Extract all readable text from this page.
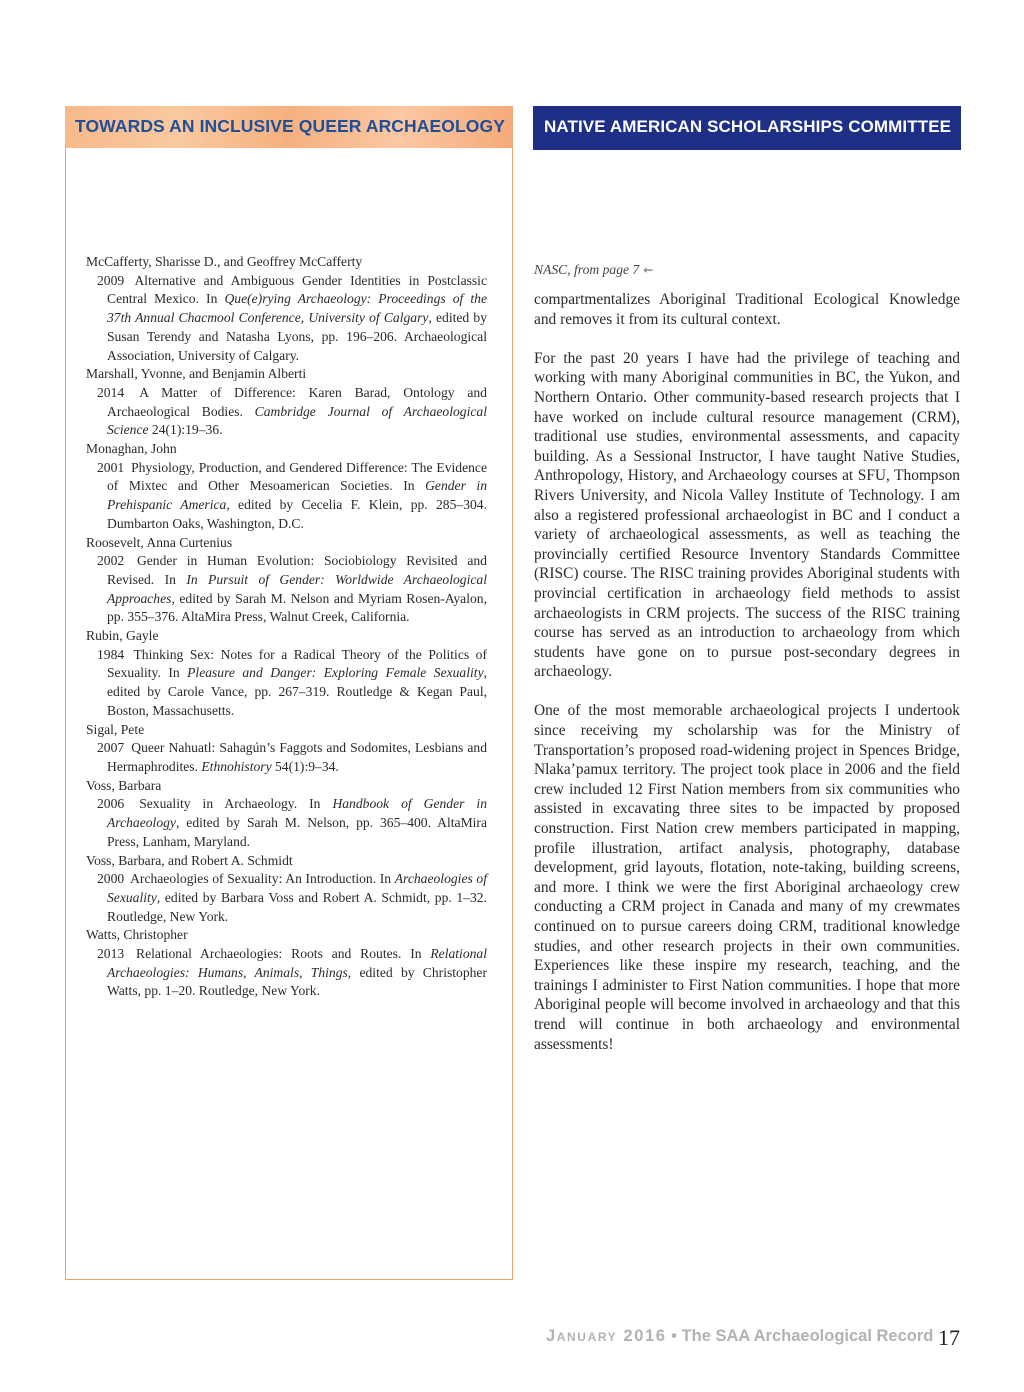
TOWARDS AN INCLUSIVE QUEER ARCHAEOLOGY NATIVE AMERICAN SCHOLARSHIPS COMMITTEE
McCafferty, Sharisse D., and Geoffrey McCafferty
2009 Alternative and Ambiguous Gender Identities in Postclassic Central Mexico. In Que(e)rying Archaeology: Proceedings of the 37th Annual Chacmool Conference, University of Calgary, edited by Susan Terendy and Natasha Lyons, pp. 196–206. Archaeological Association, University of Calgary.
Marshall, Yvonne, and Benjamin Alberti
2014 A Matter of Difference: Karen Barad, Ontology and Archaeological Bodies. Cambridge Journal of Archaeological Science 24(1):19–36.
Monaghan, John
2001 Physiology, Production, and Gendered Difference: The Evidence of Mixtec and Other Mesoamerican Societies. In Gender in Prehispanic America, edited by Cecelia F. Klein, pp. 285–304. Dumbarton Oaks, Washington, D.C.
Roosevelt, Anna Curtenius
2002 Gender in Human Evolution: Sociobiology Revisited and Revised. In In Pursuit of Gender: Worldwide Archaeological Approaches, edited by Sarah M. Nelson and Myriam Rosen-Ayalon, pp. 355–376. AltaMira Press, Walnut Creek, California.
Rubin, Gayle
1984 Thinking Sex: Notes for a Radical Theory of the Politics of Sexuality. In Pleasure and Danger: Exploring Female Sexuality, edited by Carole Vance, pp. 267–319. Routledge & Kegan Paul, Boston, Massachusetts.
Sigal, Pete
2007 Queer Nahuatl: Sahagún’s Faggots and Sodomites, Lesbians and Hermaphrodites. Ethnohistory 54(1):9–34.
Voss, Barbara
2006 Sexuality in Archaeology. In Handbook of Gender in Archaeology, edited by Sarah M. Nelson, pp. 365–400. AltaMira Press, Lanham, Maryland.
Voss, Barbara, and Robert A. Schmidt
2000 Archaeologies of Sexuality: An Introduction. In Archaeologies of Sexuality, edited by Barbara Voss and Robert A. Schmidt, pp. 1–32. Routledge, New York.
Watts, Christopher
2013 Relational Archaeologies: Roots and Routes. In Relational Archaeologies: Humans, Animals, Things, edited by Christopher Watts, pp. 1–20. Routledge, New York.
NASC, from page 7 ⇜

compartmentalizes Aboriginal Traditional Ecological Knowledge and removes it from its cultural context.

For the past 20 years I have had the privilege of teaching and working with many Aboriginal communities in BC, the Yukon, and Northern Ontario. Other community-based research projects that I have worked on include cultural resource management (CRM), traditional use studies, environmental assessments, and capacity building. As a Sessional Instructor, I have taught Native Studies, Anthropology, History, and Archaeology courses at SFU, Thompson Rivers University, and Nicola Valley Institute of Technology. I am also a registered professional archaeologist in BC and I conduct a variety of archaeological assessments, as well as teaching the provincially certified Resource Inventory Standards Committee (RISC) course. The RISC training provides Aboriginal students with provincial certification in archaeology field methods to assist archaeologists in CRM projects. The success of the RISC training course has served as an introduction to archaeology from which students have gone on to pursue post-secondary degrees in archaeology.

One of the most memorable archaeological projects I undertook since receiving my scholarship was for the Ministry of Transportation’s proposed road-widening project in Spences Bridge, Nlaka’pamux territory. The project took place in 2006 and the field crew included 12 First Nation members from six communities who assisted in excavating three sites to be impacted by proposed construction. First Nation crew members participated in mapping, profile illustration, artifact analysis, photography, database development, grid layouts, flotation, note-taking, building screens, and more. I think we were the first Aboriginal archaeology crew conducting a CRM project in Canada and many of my crewmates continued on to pursue careers doing CRM, traditional knowledge studies, and other research projects in their own communities. Experiences like these inspire my research, teaching, and the trainings I administer to First Nation communities. I hope that more Aboriginal people will become involved in archaeology and that this trend will continue in both archaeology and environmental assessments!

January 2016 • The SAA Archaeological Record 17
